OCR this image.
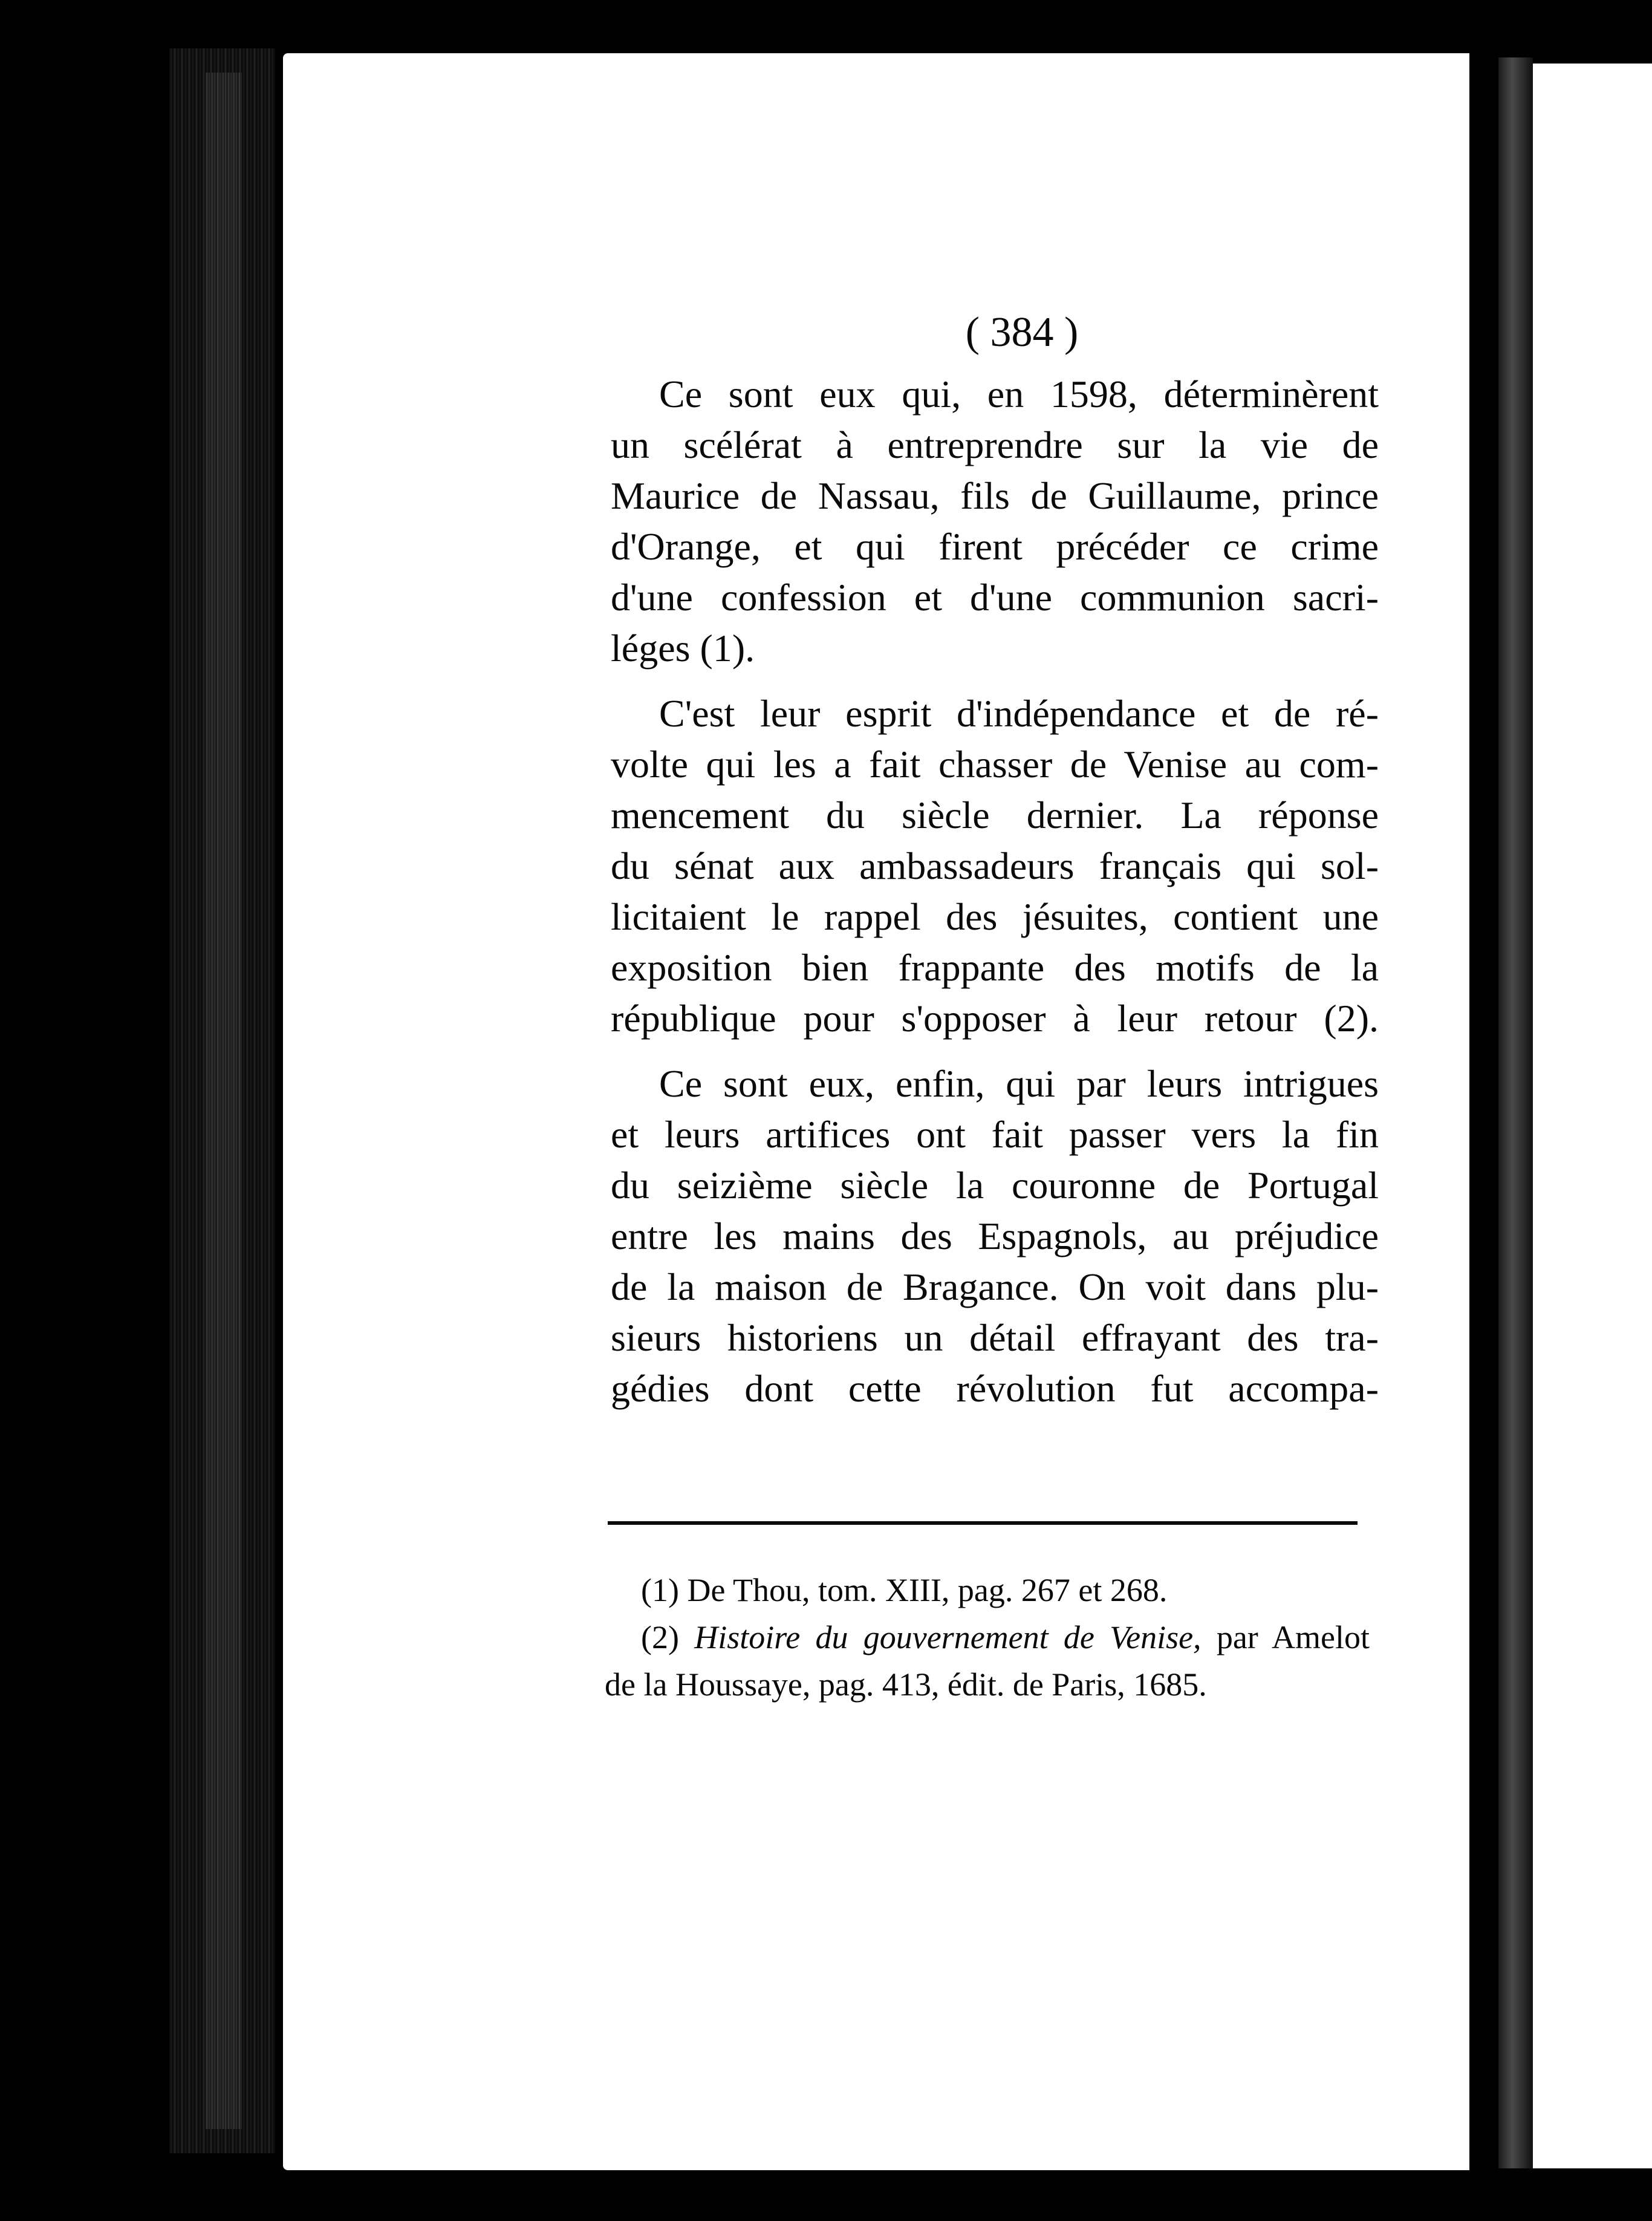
( 384 )
Ce sont eux qui, en 1598, déterminèrent
un scélérat à entreprendre sur la vie de
Maurice de Nassau, fils de Guillaume, prince
d'Orange, et qui firent précéder ce crime
d'une confession et d'une communion sacri-
léges (1).
C'est leur esprit d'indépendance et de ré-
volte qui les a fait chasser de Venise au com-
mencement du siècle dernier. La réponse
du sénat aux ambassadeurs français qui sol-
licitaient le rappel des jésuites, contient une
exposition bien frappante des motifs de la
république pour s'opposer à leur retour (2).
Ce sont eux, enfin, qui par leurs intrigues
et leurs artifices ont fait passer vers la fin
du seizième siècle la couronne de Portugal
entre les mains des Espagnols, au préjudice
de la maison de Bragance. On voit dans plu-
sieurs historiens un détail effrayant des tra-
gédies dont cette révolution fut accompa-
(1) De Thou, tom. XIII, pag. 267 et 268.
(2) Histoire du gouvernement de Venise, par Amelot
de la Houssaye, pag. 413, édit. de Paris, 1685.
